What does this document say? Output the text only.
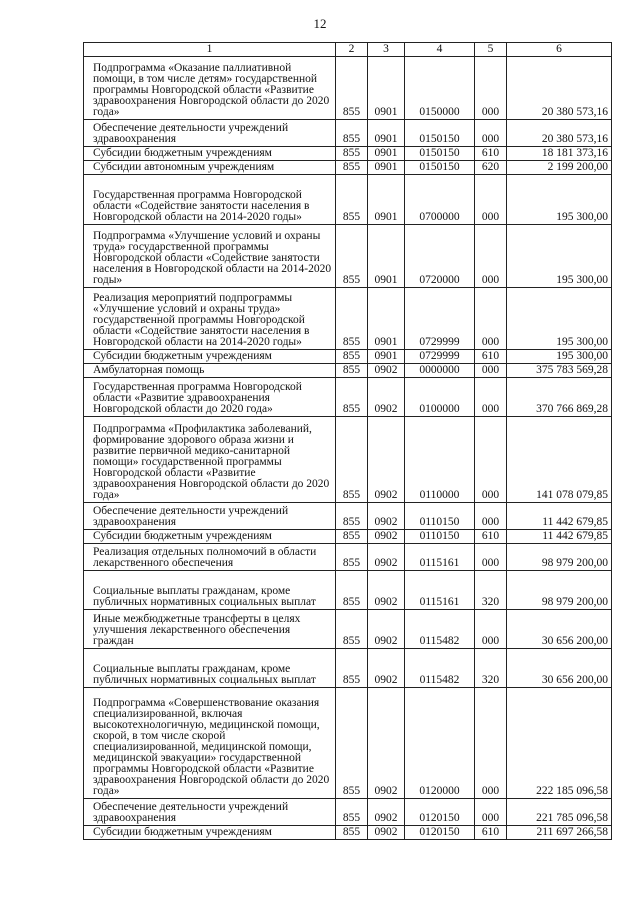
12
1	2	3	4	5	6
Подпрограмма «Оказание паллиативной помощи, в том числе детям» государственной программы Новгородской области «Развитие здравоохранения Новгородской области до 2020 года»	855	0901	0150000	000	20 380 573,16
Обеспечение деятельности учреждений здравоохранения	855	0901	0150150	000	20 380 573,16
Субсидии бюджетным учреждениям	855	0901	0150150	610	18 181 373,16
Субсидии автономным учреждениям	855	0901	0150150	620	2 199 200,00
Государственная программа Новгородской области «Содействие занятости населения в Новгородской области на 2014-2020 годы»	855	0901	0700000	000	195 300,00
Подпрограмма «Улучшение условий и охраны труда» государственной программы Новгородской области «Содействие занятости населения в Новгородской области на 2014-2020 годы»	855	0901	0720000	000	195 300,00
Реализация мероприятий подпрограммы «Улучшение условий и охраны труда» государственной программы Новгородской области «Содействие занятости населения в Новгородской области на 2014-2020 годы»	855	0901	0729999	000	195 300,00
Субсидии бюджетным учреждениям	855	0901	0729999	610	195 300,00
Амбулаторная помощь	855	0902	0000000	000	375 783 569,28
Государственная программа Новгородской области «Развитие здравоохранения Новгородской области до 2020 года»	855	0902	0100000	000	370 766 869,28
Подпрограмма «Профилактика заболеваний, формирование здорового образа жизни и развитие первичной медико-санитарной помощи» государственной программы Новгородской области «Развитие здравоохранения Новгородской области до 2020 года»	855	0902	0110000	000	141 078 079,85
Обеспечение деятельности учреждений здравоохранения	855	0902	0110150	000	11 442 679,85
Субсидии бюджетным учреждениям	855	0902	0110150	610	11 442 679,85
Реализация отдельных полномочий в области лекарственного обеспечения	855	0902	0115161	000	98 979 200,00
Социальные выплаты гражданам, кроме публичных нормативных социальных выплат	855	0902	0115161	320	98 979 200,00
Иные межбюджетные трансферты в целях улучшения лекарственного обеспечения граждан	855	0902	0115482	000	30 656 200,00
Социальные выплаты гражданам, кроме публичных нормативных социальных выплат	855	0902	0115482	320	30 656 200,00
Подпрограмма «Совершенствование оказания специализированной, включая высокотехнологичную, медицинской помощи, скорой, в том числе скорой специализированной, медицинской помощи, медицинской эвакуации» государственной программы Новгородской области «Развитие здравоохранения Новгородской области до 2020 года»	855	0902	0120000	000	222 185 096,58
Обеспечение деятельности учреждений здравоохранения	855	0902	0120150	000	221 785 096,58
Субсидии бюджетным учреждениям	855	0902	0120150	610	211 697 266,58
